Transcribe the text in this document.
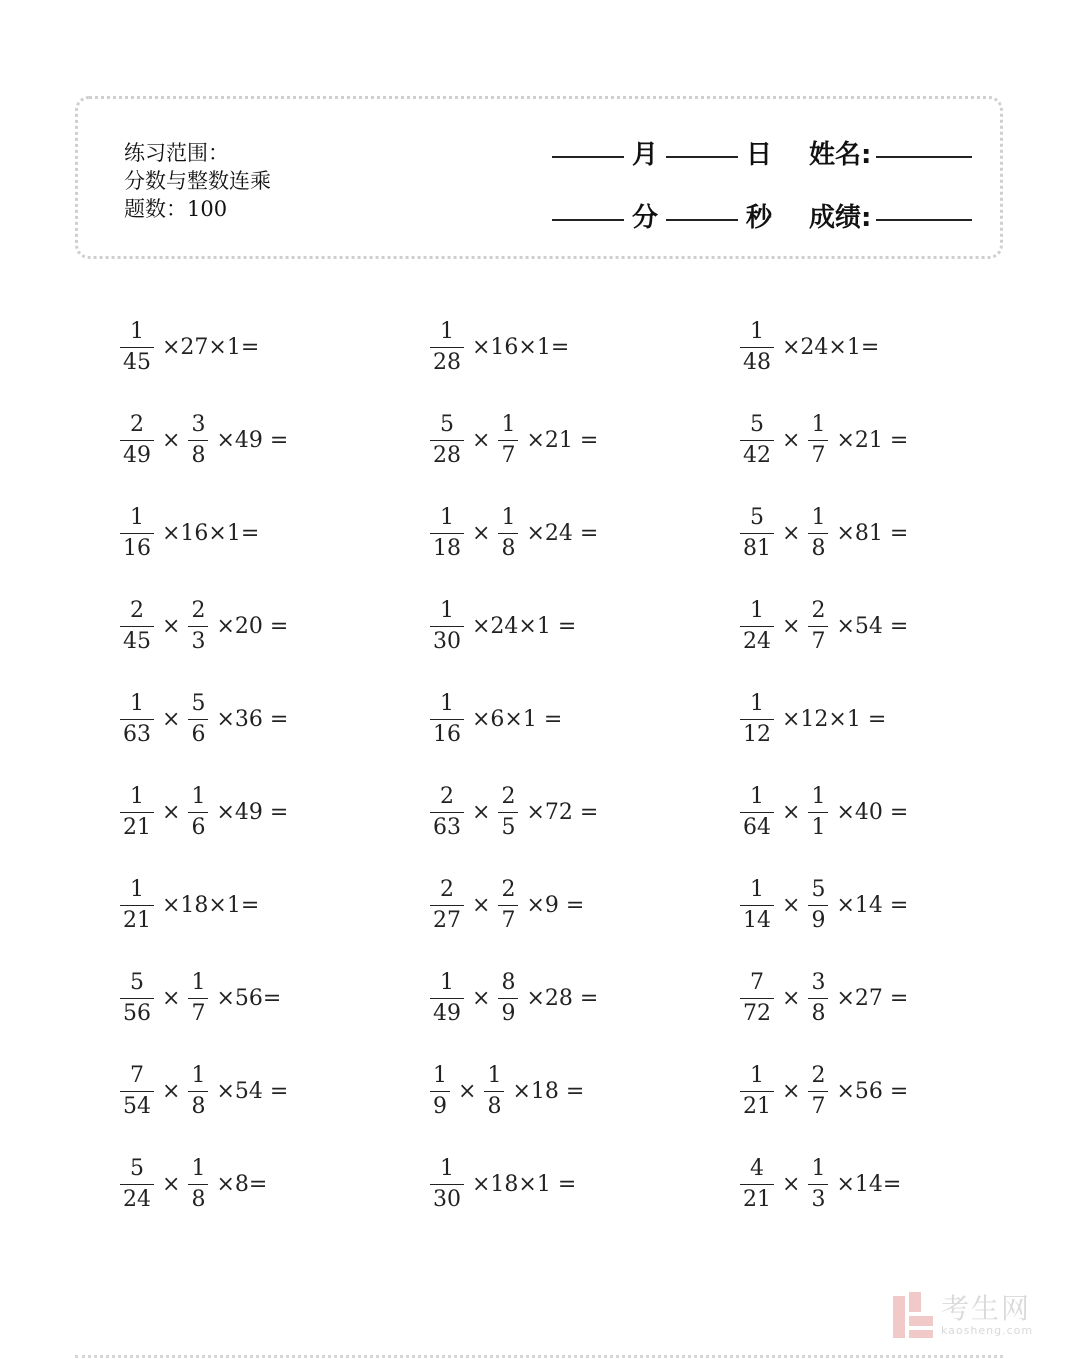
练习范围：
分数与整数连乘
题数：100
月	日 姓名:
分	秒 成绩:
$\frac{1}{45} \times 27\times 1=$	$\frac{1}{28} \times 16\times 1=$	$\frac{1}{48} \times 24\times 1=$
$\frac{2}{49} \times \frac{3}{8} \times 49$ =	$\frac{5}{28} \times \frac{1}{7} \times 21$ =	$\frac{5}{42} \times \frac{1}{7} \times 21$ =
$\frac{1}{16} \times 16\times 1=$	$\frac{1}{18} \times \frac{1}{8} \times 24$ =	$\frac{5}{81} \times \frac{1}{8} \times 81$ =
$\frac{2}{45} \times \frac{2}{3} \times 20$ =	$\frac{1}{30} \times 24\times 1$ =	$\frac{1}{24} \times \frac{2}{7} \times 54$ =
$\frac{1}{63} \times \frac{5}{6} \times 36$ =	$\frac{1}{16} \times 6\times 1$ =	$\frac{1}{12} \times 12\times 1$ =
$\frac{1}{21} \times \frac{1}{6} \times 49$ =	$\frac{2}{63} \times \frac{2}{5} \times 72$ =	$\frac{1}{64} \times \frac{1}{1} \times 40$ =
$\frac{1}{21} \times 18\times 1=$	$\frac{2}{27} \times \frac{2}{7} \times 9$ =	$\frac{1}{14} \times \frac{5}{9} \times 14$ =
$\frac{5}{56} \times \frac{1}{7} \times 56=$	$\frac{1}{49} \times \frac{8}{9} \times 28$ =	$\frac{7}{72} \times \frac{3}{8} \times 27$ =
$\frac{7}{54} \times \frac{1}{8} \times 54$ =	$\frac{1}{9} \times \frac{1}{8} \times 18$ =	$\frac{1}{21} \times \frac{2}{7} \times 56$ =
$\frac{5}{24} \times \frac{1}{8} \times 8=$	$\frac{1}{30} \times 18\times 1$ =	$\frac{4}{21} \times \frac{1}{3} \times 14=$
考生网
kaosheng.com
